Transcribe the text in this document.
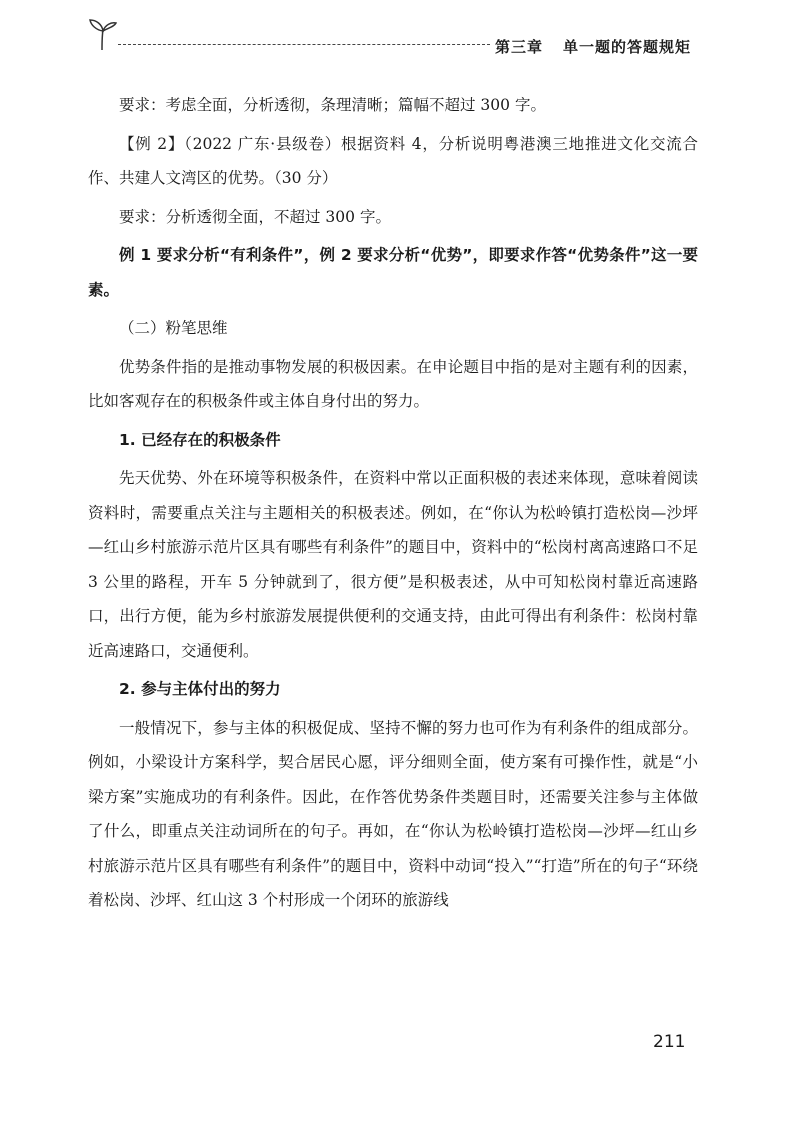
第三章 单一题的答题规矩

要求：考虑全面，分析透彻，条理清晰；篇幅不超过 300 字。

【例 2】（2022 广东·县级卷）根据资料 4，分析说明粤港澳三地推进文化交流合作、共建人文湾区的优势。（30 分）

要求：分析透彻全面，不超过 300 字。

例 1 要求分析“有利条件”，例 2 要求分析“优势”，即要求作答“优势条件”这一要素。

（二）粉笔思维

优势条件指的是推动事物发展的积极因素。在申论题目中指的是对主题有利的因素，比如客观存在的积极条件或主体自身付出的努力。

1. 已经存在的积极条件

先天优势、外在环境等积极条件，在资料中常以正面积极的表述来体现，意味着阅读资料时，需要重点关注与主题相关的积极表述。例如，在“你认为松岭镇打造松岗—沙坪—红山乡村旅游示范片区具有哪些有利条件”的题目中，资料中的“松岗村离高速路口不足 3 公里的路程，开车 5 分钟就到了，很方便”是积极表述，从中可知松岗村靠近高速路口，出行方便，能为乡村旅游发展提供便利的交通支持，由此可得出有利条件：松岗村靠近高速路口，交通便利。

2. 参与主体付出的努力

一般情况下，参与主体的积极促成、坚持不懈的努力也可作为有利条件的组成部分。例如，小梁设计方案科学，契合居民心愿，评分细则全面，使方案有可操作性，就是“小梁方案”实施成功的有利条件。因此，在作答优势条件类题目时，还需要关注参与主体做了什么，即重点关注动词所在的句子。再如，在“你认为松岭镇打造松岗—沙坪—红山乡村旅游示范片区具有哪些有利条件”的题目中，资料中动词“投入”“打造”所在的句子“环绕着松岗、沙坪、红山这 3 个村形成一个闭环的旅游线

211
